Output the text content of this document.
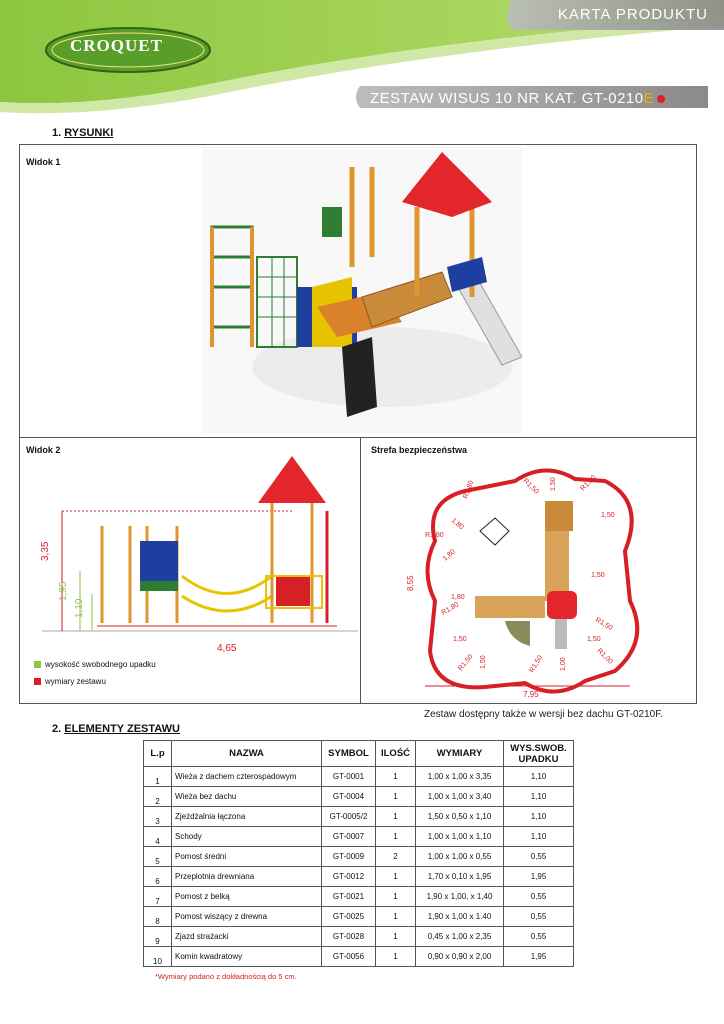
CROQUET
KARTA PRODUKTU
ZESTAW WISUS 10 NR KAT. GT-0210E
1. RYSUNKI
Widok 1
Widok 2	Strefa bezpieczeństwa
3,35
1,95
1,10
4,65
wysokość swobodnego upadku
wymiary zestawu
7,95
8,55
R1,80	R1,50 1,50	R1,50
1,50
R1,80
1,80
1,80
1,50
1,80
R1,80
1,50	1,50
R1,50
R1,50 1,50	R1,50 1,00	R1,00
Zestaw dostępny także w wersji bez dachu GT-0210F.
2. ELEMENTY ZESTAWU
L.p	NAZWA	SYMBOL	ILOŚĆ	WYMIARY	WYS.SWOB. UPADKU
1	Wieża z dachem czterospadowym	GT-0001	1	1,00 x 1,00 x 3,35	1,10
2	Wieża bez dachu	GT-0004	1	1,00 x 1,00 x 3,40	1,10
3	Zjeżdżalnia łączona	GT-0005/2	1	1,50 x 0,50 x 1,10	1,10
4	Schody	GT-0007	1	1,00 x 1,00 x 1,10	1,10
5	Pomost średni	GT-0009	2	1,00 x 1,00 x 0,55	0,55
6	Przeplotnia drewniana	GT-0012	1	1,70 x 0,10 x 1,95	1,95
7	Pomost z belką	GT-0021	1	1,90 x 1,00, x 1,40	0,55
8	Pomost wiszący z drewna	GT-0025	1	1,90 x 1,00 x 1.40	0,55
9	Zjazd strażacki	GT-0028	1	0,45 x 1,00 x 2,35	0,55
10	Komin kwadratowy	GT-0056	1	0,90 x 0,90 x 2,00	1,95
*Wymiary podano z dokładnością do 5 cm.
